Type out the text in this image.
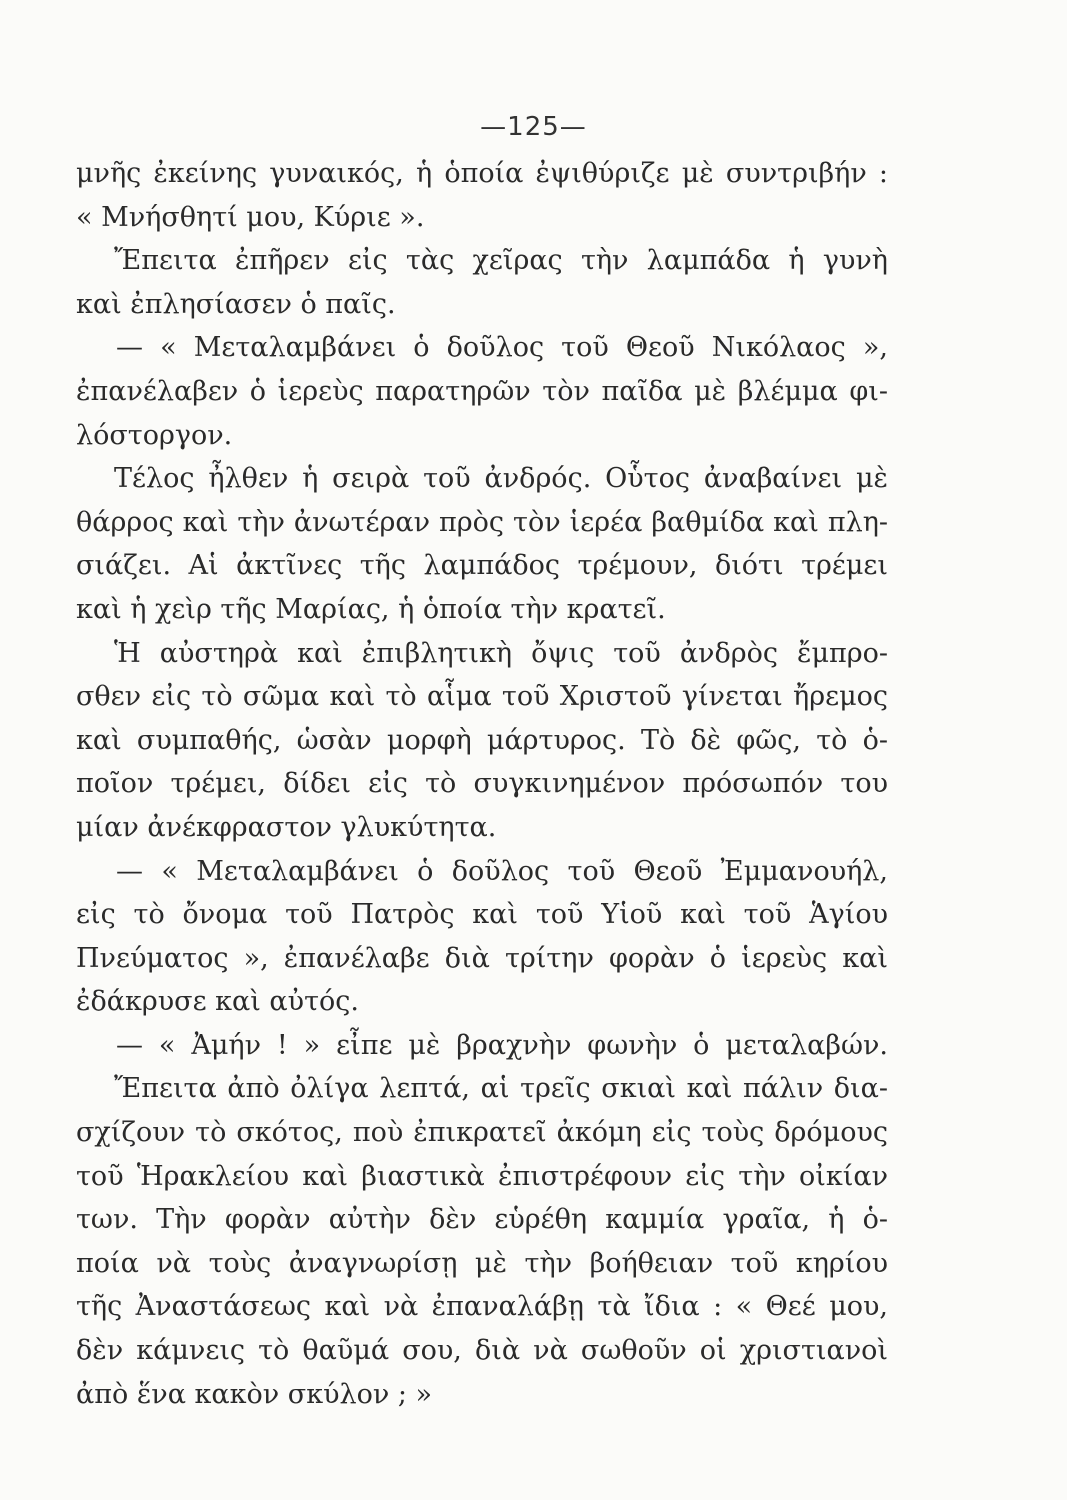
—125—
μνῆς ἐκείνης γυναικός, ἡ ὁποία ἐψιθύριζε μὲ συντριβήν :
« Μνήσθητί μου, Κύριε ».
Ἔπειτα ἐπῆρεν εἰς τὰς χεῖρας τὴν λαμπάδα ἡ γυνὴ
καὶ ἐπλησίασεν ὁ παῖς.
— « Μεταλαμβάνει ὁ δοῦλος τοῦ Θεοῦ Νικόλαος »,
ἐπανέλαβεν ὁ ἱερεὺς παρατηρῶν τὸν παῖδα μὲ βλέμμα φι-
λόστοργον.
Τέλος ἦλθεν ἡ σειρὰ τοῦ ἀνδρός. Οὗτος ἀναβαίνει μὲ
θάρρος καὶ τὴν ἀνωτέραν πρὸς τὸν ἱερέα βαθμίδα καὶ πλη-
σιάζει. Αἱ ἀκτῖνες τῆς λαμπάδος τρέμουν, διότι τρέμει
καὶ ἡ χεὶρ τῆς Μαρίας, ἡ ὁποία τὴν κρατεῖ.
Ἡ αὐστηρὰ καὶ ἐπιβλητικὴ ὄψις τοῦ ἀνδρὸς ἔμπρο-
σθεν εἰς τὸ σῶμα καὶ τὸ αἷμα τοῦ Χριστοῦ γίνεται ἤρεμος
καὶ συμπαθής, ὡσὰν μορφὴ μάρτυρος. Τὸ δὲ φῶς, τὸ ὁ-
ποῖον τρέμει, δίδει εἰς τὸ συγκινημένον πρόσωπόν του
μίαν ἀνέκφραστον γλυκύτητα.
— « Μεταλαμβάνει ὁ δοῦλος τοῦ Θεοῦ Ἐμμανουήλ,
εἰς τὸ ὄνομα τοῦ Πατρὸς καὶ τοῦ Υἱοῦ καὶ τοῦ Ἁγίου
Πνεύματος », ἐπανέλαβε διὰ τρίτην φορὰν ὁ ἱερεὺς καὶ
ἐδάκρυσε καὶ αὐτός.
— « Ἀμήν ! » εἶπε μὲ βραχνὴν φωνὴν ὁ μεταλαβών.
Ἔπειτα ἀπὸ ὀλίγα λεπτά, αἱ τρεῖς σκιαὶ καὶ πάλιν δια-
σχίζουν τὸ σκότος, ποὺ ἐπικρατεῖ ἀκόμη εἰς τοὺς δρόμους
τοῦ Ἡρακλείου καὶ βιαστικὰ ἐπιστρέφουν εἰς τὴν οἰκίαν
των. Τὴν φορὰν αὐτὴν δὲν εὑρέθη καμμία γραῖα, ἡ ὁ-
ποία νὰ τοὺς ἀναγνωρίσῃ μὲ τὴν βοήθειαν τοῦ κηρίου
τῆς Ἀναστάσεως καὶ νὰ ἐπαναλάβῃ τὰ ἴδια : « Θεέ μου,
δὲν κάμνεις τὸ θαῦμά σου, διὰ νὰ σωθοῦν οἱ χριστιανοὶ
ἀπὸ ἕνα κακὸν σκύλον ; »
